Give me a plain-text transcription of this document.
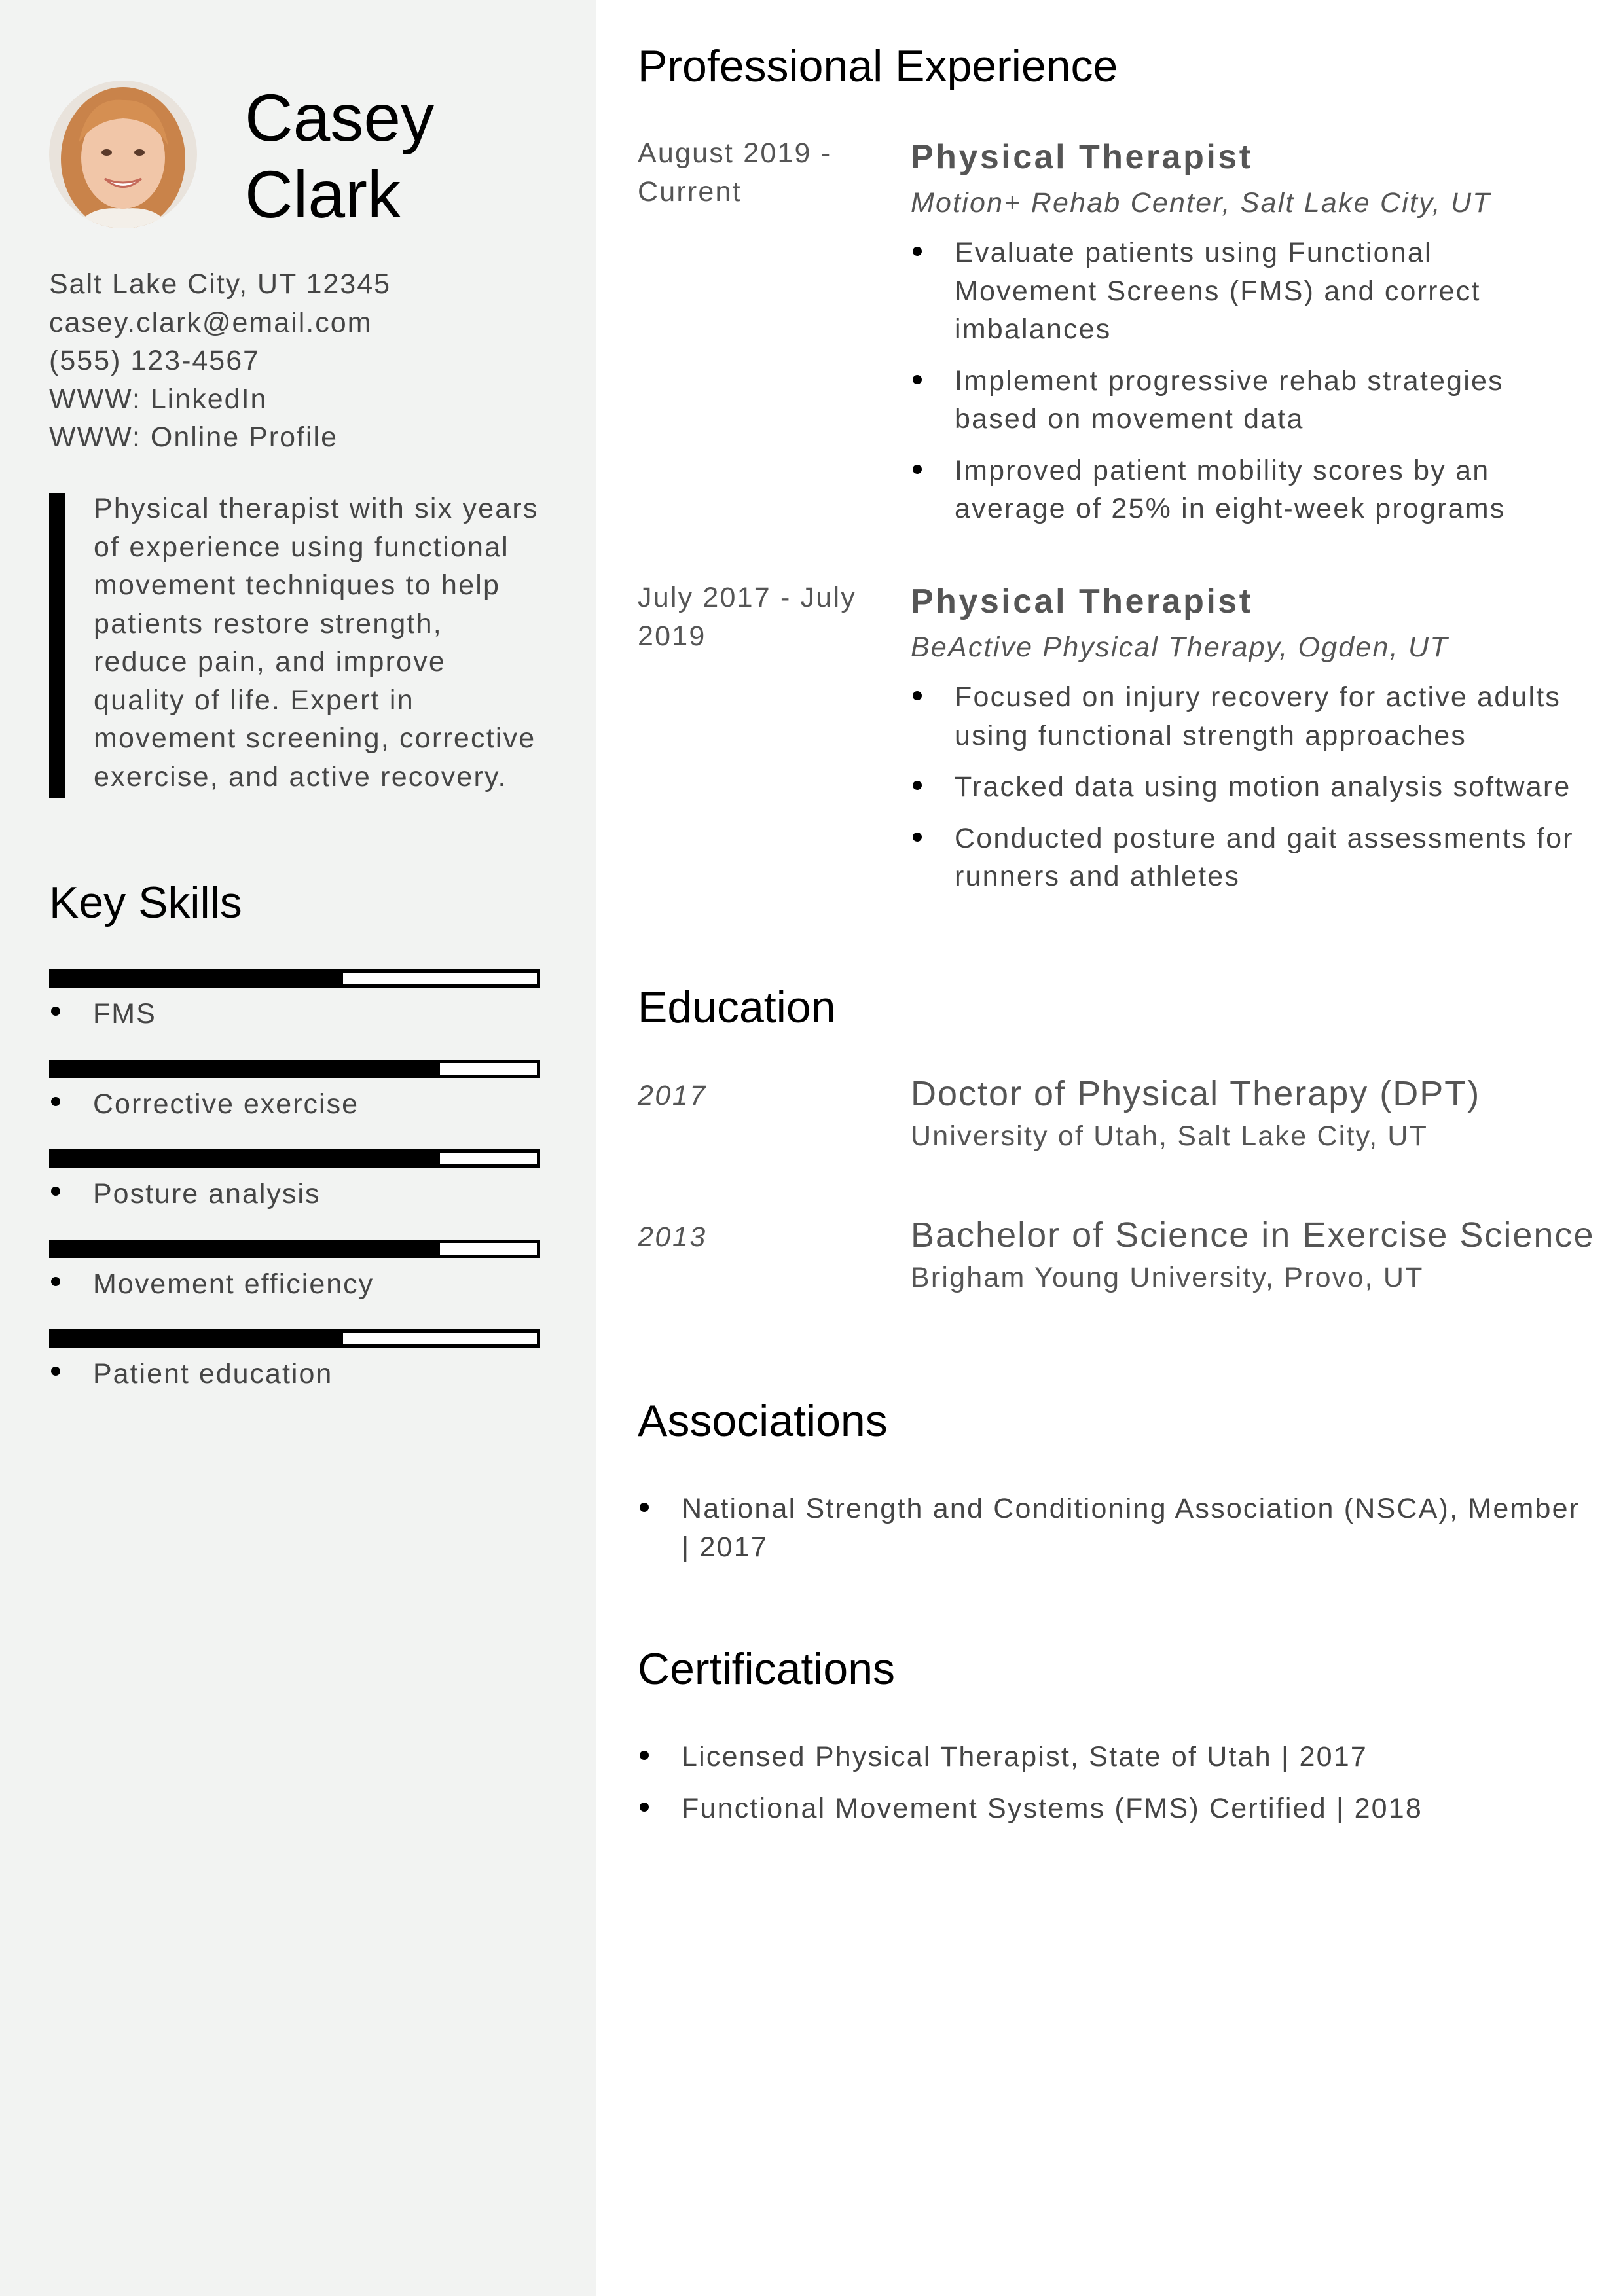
Casey
Clark
Salt Lake City, UT 12345
casey.clark@email.com
(555) 123-4567
WWW: LinkedIn
WWW: Online Profile

Physical therapist with six years of experience using functional movement techniques to help patients restore strength, reduce pain, and improve quality of life. Expert in movement screening, corrective exercise, and active recovery.

Key Skills
FMS
Corrective exercise
Posture analysis
Movement efficiency
Patient education
Professional Experience
August 2019 - Current
Physical Therapist
Motion+ Rehab Center, Salt Lake City, UT
Evaluate patients using Functional Movement Screens (FMS) and correct imbalances
Implement progressive rehab strategies based on movement data
Improved patient mobility scores by an average of 25% in eight-week programs
July 2017 - July 2019
Physical Therapist
BeActive Physical Therapy, Ogden, UT
Focused on injury recovery for active adults using functional strength approaches
Tracked data using motion analysis software
Conducted posture and gait assessments for runners and athletes
Education
2017	Doctor of Physical Therapy (DPT)
University of Utah, Salt Lake City, UT
2013	Bachelor of Science in Exercise Science
Brigham Young University, Provo, UT
Associations
National Strength and Conditioning Association (NSCA), Member | 2017
Certifications
Licensed Physical Therapist, State of Utah | 2017
Functional Movement Systems (FMS) Certified | 2018
